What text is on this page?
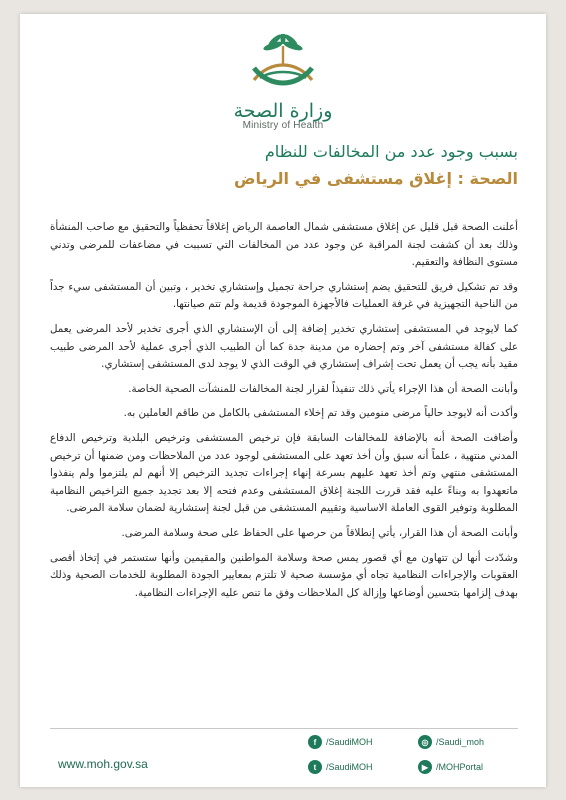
وزارة الصحة
Ministry of Health
بسبب وجود عدد من المخالفات للنظام
الصحة : إغلاق مستشفى في الرياض

أعلنت الصحة قبل قليل عن إغلاق مستشفى شمال العاصمة الرياض إغلاقاً تحفظياً والتحقيق مع صاحب المنشأة وذلك بعد أن كشفت لجنة المراقبة عن وجود عدد من المخالفات التي تسببت في مضاعفات للمرضى وتدني مستوى النظافة والتعقيم.

وقد تم تشكيل فريق للتحقيق يضم إستشاري جراحة تجميل وإستشاري تخدير ، وتبين أن المستشفى سيء جداً من الناحية التجهيزية في غرفة العمليات فالأجهزة الموجودة قديمة ولم تتم صيانتها.

كما لايوجد في المستشفى إستشاري تخدير إضافة إلى أن الإستشاري الذي أجرى تخدير لأحد المرضى يعمل على كفالة مستشفى آخر وتم إحضاره من مدينة جدة كما أن الطبيب الذي أجرى عملية لأحد المرضى طبيب مقيد بأنه يجب أن يعمل تحت إشراف إستشاري في الوقت الذي لا يوجد لدى المستشفى إستشاري.

وأبانت الصحة أن هذا الإجراء يأتي ذلك تنفيذاً لقرار لجنة المخالفات للمنشآت الصحية الخاصة.

وأكدت أنه لايوجد حالياً مرضى منومين وقد تم إخلاء المستشفى بالكامل من طاقم العاملين به.

وأضافت الصحة أنه بالإضافة للمخالفات السابقة فإن ترخيص المستشفى وترخيص البلدية وترخيص الدفاع المدني منتهية ، علماً أنه سبق وأن أخذ تعهد على المستشفى لوجود عدد من الملاحظات ومن ضمنها أن ترخيص المستشفى منتهي وتم أخذ تعهد عليهم بسرعة إنهاء إجراءات تجديد الترخيص إلا أنهم لم يلتزموا ولم ينفذوا ماتعهدوا به وبناءً عليه فقد قررت اللجنة إغلاق المستشفى وعدم فتحه إلا بعد تجديد جميع التراخيص النظامية المطلوبة وتوفير القوى العاملة الاساسية وتقييم المستشفى من قبل لجنة إستشارية لضمان سلامة المرضى.

وأبانت الصحة أن هذا القرار، يأتي إنطلاقاً من حرصها على الحفاظ على صحة وسلامة المرضى.

وشدّدت أنها لن تتهاون مع أي قصور يمس صحة وسلامة المواطنين والمقيمين وأنها ستستمر في إتخاذ أقصى العقوبات والإجراءات النظامية تجاه أي مؤسسة صحية لا تلتزم بمعايير الجودة المطلوبة للخدمات الصحية وذلك بهدف إلزامها بتحسين أوضاعها وإزالة كل الملاحظات وفق ما تنص عليه الإجراءات النظامية.

www.moh.gov.sa
f	/SaudiMOH	◎ /Saudi_moh
t	/SaudiMOH	▶ /MOHPortal
